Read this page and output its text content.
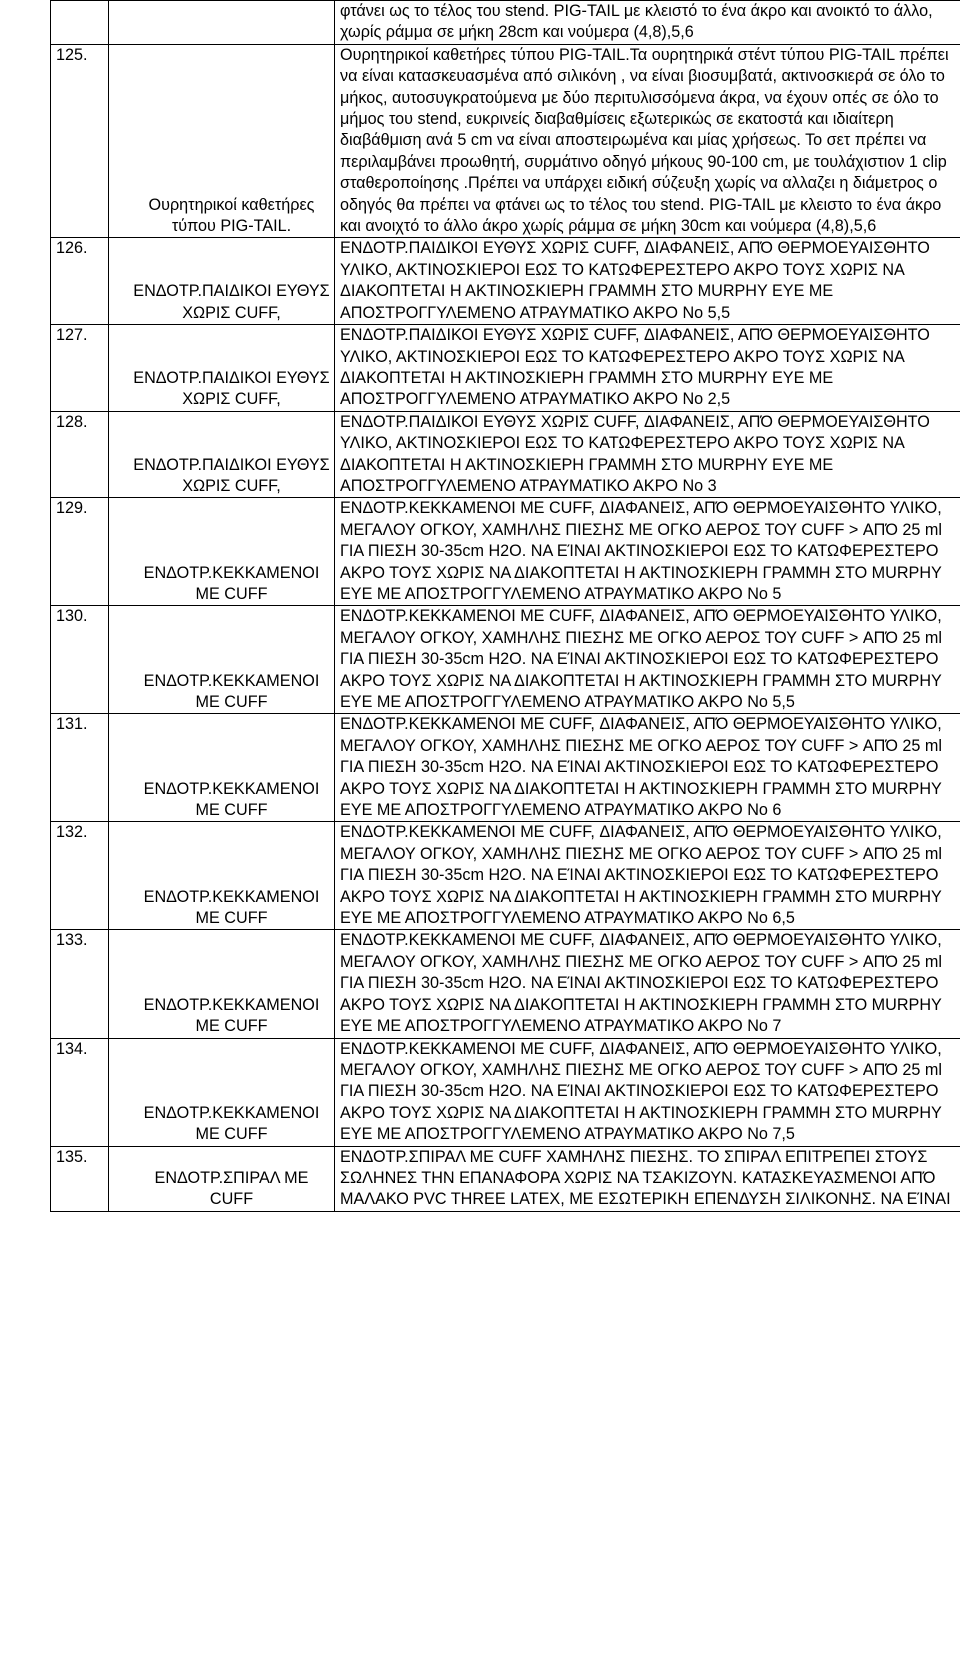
		φτάνει ως το τέλος του stend. PIG-TAIL με κλειστό το ένα άκρο και ανοικτό το άλλο, χωρίς ράμμα σε μήκη 28cm και νούμερα (4,8),5,6

125.	Ουρητηρικοί καθετήρες τύπου PIG-TAIL.	Ουρητηρικοί καθετήρες τύπου PIG-TAIL.Τα ουρητηρικά στέντ τύπου PIG-TAIL πρέπει να είναι κατασκευασμένα από σιλικόνη , να είναι βιοσυμβατά, ακτινοσκιερά σε όλο το μήκος, αυτοσυγκρατούμενα με δύο περιτυλισσόμενα άκρα, να έχουν οπές σε όλο το μήμος του stend, ευκρινείς διαβαθμίσεις εξωτερικώς σε εκατοστά και ιδιαίτερη διαβάθμιση ανά 5 cm να είναι αποστειρωμένα και μίας χρήσεως. Το σετ πρέπει να περιλαμβάνει προωθητή, συρμάτινο οδηγό μήκους 90-100 cm, με τουλάχιστιον 1 clip σταθεροποίησης .Πρέπει να υπάρχει ειδική σύζευξη χωρίς να αλλαζει η διάμετρος ο οδηγός θα πρέπει να φτάνει ως το τέλος του stend. PIG-TAIL με κλειστο το ένα άκρο και ανοιχτό το άλλο άκρο χωρίς ράμμα σε μήκη 30cm και νούμερα (4,8),5,6

126.	ΕΝΔΟΤΡ.ΠΑΙΔΙΚΟΙ ΕΥΘΥΣ ΧΩΡΙΣ CUFF,	ΕΝΔΟΤΡ.ΠΑΙΔΙΚΟΙ ΕΥΘΥΣ ΧΩΡΙΣ CUFF, ΔΙΑΦΑΝΕΙΣ, ΑΠΌ ΘΕΡΜΟΕΥΑΙΣΘΗΤΟ ΥΛΙΚΟ, ΑΚΤΙΝΟΣΚΙΕΡΟΙ ΕΩΣ ΤΟ ΚΑΤΩΦΕΡΕΣΤΕΡΟ ΑΚΡΟ ΤΟΥΣ ΧΩΡΙΣ ΝΑ ΔΙΑΚΟΠΤΕΤΑΙ Η ΑΚΤΙΝΟΣΚΙΕΡΗ ΓΡΑΜΜΗ ΣΤΟ MURPHY ΕΥΕ ΜΕ ΑΠΟΣΤΡΟΓΓΥΛΕΜΕΝΟ ΑΤΡΑΥΜΑΤΙΚΟ ΑΚΡΟ Νο 5,5

127.	ΕΝΔΟΤΡ.ΠΑΙΔΙΚΟΙ ΕΥΘΥΣ ΧΩΡΙΣ CUFF,	ΕΝΔΟΤΡ.ΠΑΙΔΙΚΟΙ ΕΥΘΥΣ ΧΩΡΙΣ CUFF, ΔΙΑΦΑΝΕΙΣ, ΑΠΌ ΘΕΡΜΟΕΥΑΙΣΘΗΤΟ ΥΛΙΚΟ, ΑΚΤΙΝΟΣΚΙΕΡΟΙ ΕΩΣ ΤΟ ΚΑΤΩΦΕΡΕΣΤΕΡΟ ΑΚΡΟ ΤΟΥΣ ΧΩΡΙΣ ΝΑ ΔΙΑΚΟΠΤΕΤΑΙ Η ΑΚΤΙΝΟΣΚΙΕΡΗ ΓΡΑΜΜΗ ΣΤΟ MURPHY ΕΥΕ ΜΕ ΑΠΟΣΤΡΟΓΓΥΛΕΜΕΝΟ ΑΤΡΑΥΜΑΤΙΚΟ ΑΚΡΟ Νο 2,5

128.	ΕΝΔΟΤΡ.ΠΑΙΔΙΚΟΙ ΕΥΘΥΣ ΧΩΡΙΣ CUFF,	ΕΝΔΟΤΡ.ΠΑΙΔΙΚΟΙ ΕΥΘΥΣ ΧΩΡΙΣ CUFF, ΔΙΑΦΑΝΕΙΣ, ΑΠΌ ΘΕΡΜΟΕΥΑΙΣΘΗΤΟ ΥΛΙΚΟ, ΑΚΤΙΝΟΣΚΙΕΡΟΙ ΕΩΣ ΤΟ ΚΑΤΩΦΕΡΕΣΤΕΡΟ ΑΚΡΟ ΤΟΥΣ ΧΩΡΙΣ ΝΑ ΔΙΑΚΟΠΤΕΤΑΙ Η ΑΚΤΙΝΟΣΚΙΕΡΗ ΓΡΑΜΜΗ ΣΤΟ MURPHY ΕΥΕ ΜΕ ΑΠΟΣΤΡΟΓΓΥΛΕΜΕΝΟ ΑΤΡΑΥΜΑΤΙΚΟ ΑΚΡΟ Νο 3

129.	ΕΝΔΟΤΡ.ΚΕΚΚΑΜΕΝΟΙ ΜΕ CUFF	ΕΝΔΟΤΡ.ΚΕΚΚΑΜΕΝΟΙ ΜΕ CUFF, ΔΙΑΦΑΝΕΙΣ, ΑΠΌ ΘΕΡΜΟΕΥΑΙΣΘΗΤΟ ΥΛΙΚΟ, ΜΕΓΑΛΟΥ ΟΓΚΟΥ, ΧΑΜΗΛΗΣ ΠΙΕΣΗΣ ΜΕ ΟΓΚΟ ΑΕΡΟΣ ΤΟΥ CUFF > ΑΠΌ 25 ml ΓΙΑ ΠΙΕΣΗ 30-35cm H2O. ΝΑ ΕΊΝΑΙ ΑΚΤΙΝΟΣΚΙΕΡΟΙ ΕΩΣ ΤΟ ΚΑΤΩΦΕΡΕΣΤΕΡΟ ΑΚΡΟ ΤΟΥΣ ΧΩΡΙΣ ΝΑ ΔΙΑΚΟΠΤΕΤΑΙ Η ΑΚΤΙΝΟΣΚΙΕΡΗ ΓΡΑΜΜΗ ΣΤΟ MURPHY ΕΥΕ ΜΕ ΑΠΟΣΤΡΟΓΓΥΛΕΜΕΝΟ ΑΤΡΑΥΜΑΤΙΚΟ ΑΚΡΟ Νο 5

130.	ΕΝΔΟΤΡ.ΚΕΚΚΑΜΕΝΟΙ ΜΕ CUFF	ΕΝΔΟΤΡ.ΚΕΚΚΑΜΕΝΟΙ ΜΕ CUFF, ΔΙΑΦΑΝΕΙΣ, ΑΠΌ ΘΕΡΜΟΕΥΑΙΣΘΗΤΟ ΥΛΙΚΟ, ΜΕΓΑΛΟΥ ΟΓΚΟΥ, ΧΑΜΗΛΗΣ ΠΙΕΣΗΣ ΜΕ ΟΓΚΟ ΑΕΡΟΣ ΤΟΥ CUFF > ΑΠΌ 25 ml ΓΙΑ ΠΙΕΣΗ 30-35cm H2O. ΝΑ ΕΊΝΑΙ ΑΚΤΙΝΟΣΚΙΕΡΟΙ ΕΩΣ ΤΟ ΚΑΤΩΦΕΡΕΣΤΕΡΟ ΑΚΡΟ ΤΟΥΣ ΧΩΡΙΣ ΝΑ ΔΙΑΚΟΠΤΕΤΑΙ Η ΑΚΤΙΝΟΣΚΙΕΡΗ ΓΡΑΜΜΗ ΣΤΟ MURPHY ΕΥΕ ΜΕ ΑΠΟΣΤΡΟΓΓΥΛΕΜΕΝΟ ΑΤΡΑΥΜΑΤΙΚΟ ΑΚΡΟ Νο 5,5

131.	ΕΝΔΟΤΡ.ΚΕΚΚΑΜΕΝΟΙ ΜΕ CUFF	ΕΝΔΟΤΡ.ΚΕΚΚΑΜΕΝΟΙ ΜΕ CUFF, ΔΙΑΦΑΝΕΙΣ, ΑΠΌ ΘΕΡΜΟΕΥΑΙΣΘΗΤΟ ΥΛΙΚΟ, ΜΕΓΑΛΟΥ ΟΓΚΟΥ, ΧΑΜΗΛΗΣ ΠΙΕΣΗΣ ΜΕ ΟΓΚΟ ΑΕΡΟΣ ΤΟΥ CUFF > ΑΠΌ 25 ml ΓΙΑ ΠΙΕΣΗ 30-35cm H2O. ΝΑ ΕΊΝΑΙ ΑΚΤΙΝΟΣΚΙΕΡΟΙ ΕΩΣ ΤΟ ΚΑΤΩΦΕΡΕΣΤΕΡΟ ΑΚΡΟ ΤΟΥΣ ΧΩΡΙΣ ΝΑ ΔΙΑΚΟΠΤΕΤΑΙ Η ΑΚΤΙΝΟΣΚΙΕΡΗ ΓΡΑΜΜΗ ΣΤΟ MURPHY ΕΥΕ ΜΕ ΑΠΟΣΤΡΟΓΓΥΛΕΜΕΝΟ ΑΤΡΑΥΜΑΤΙΚΟ ΑΚΡΟ Νο 6

132.	ΕΝΔΟΤΡ.ΚΕΚΚΑΜΕΝΟΙ ΜΕ CUFF	ΕΝΔΟΤΡ.ΚΕΚΚΑΜΕΝΟΙ ΜΕ CUFF, ΔΙΑΦΑΝΕΙΣ, ΑΠΌ ΘΕΡΜΟΕΥΑΙΣΘΗΤΟ ΥΛΙΚΟ, ΜΕΓΑΛΟΥ ΟΓΚΟΥ, ΧΑΜΗΛΗΣ ΠΙΕΣΗΣ ΜΕ ΟΓΚΟ ΑΕΡΟΣ ΤΟΥ CUFF > ΑΠΌ 25 ml ΓΙΑ ΠΙΕΣΗ 30-35cm H2O. ΝΑ ΕΊΝΑΙ ΑΚΤΙΝΟΣΚΙΕΡΟΙ ΕΩΣ ΤΟ ΚΑΤΩΦΕΡΕΣΤΕΡΟ ΑΚΡΟ ΤΟΥΣ ΧΩΡΙΣ ΝΑ ΔΙΑΚΟΠΤΕΤΑΙ Η ΑΚΤΙΝΟΣΚΙΕΡΗ ΓΡΑΜΜΗ ΣΤΟ MURPHY ΕΥΕ ΜΕ ΑΠΟΣΤΡΟΓΓΥΛΕΜΕΝΟ ΑΤΡΑΥΜΑΤΙΚΟ ΑΚΡΟ Νο 6,5

133.	ΕΝΔΟΤΡ.ΚΕΚΚΑΜΕΝΟΙ ΜΕ CUFF	ΕΝΔΟΤΡ.ΚΕΚΚΑΜΕΝΟΙ ΜΕ CUFF, ΔΙΑΦΑΝΕΙΣ, ΑΠΌ ΘΕΡΜΟΕΥΑΙΣΘΗΤΟ ΥΛΙΚΟ, ΜΕΓΑΛΟΥ ΟΓΚΟΥ, ΧΑΜΗΛΗΣ ΠΙΕΣΗΣ ΜΕ ΟΓΚΟ ΑΕΡΟΣ ΤΟΥ CUFF > ΑΠΌ 25 ml ΓΙΑ ΠΙΕΣΗ 30-35cm H2O. ΝΑ ΕΊΝΑΙ ΑΚΤΙΝΟΣΚΙΕΡΟΙ ΕΩΣ ΤΟ ΚΑΤΩΦΕΡΕΣΤΕΡΟ ΑΚΡΟ ΤΟΥΣ ΧΩΡΙΣ ΝΑ ΔΙΑΚΟΠΤΕΤΑΙ Η ΑΚΤΙΝΟΣΚΙΕΡΗ ΓΡΑΜΜΗ ΣΤΟ MURPHY ΕΥΕ ΜΕ ΑΠΟΣΤΡΟΓΓΥΛΕΜΕΝΟ ΑΤΡΑΥΜΑΤΙΚΟ ΑΚΡΟ Νο 7

134.	ΕΝΔΟΤΡ.ΚΕΚΚΑΜΕΝΟΙ ΜΕ CUFF	ΕΝΔΟΤΡ.ΚΕΚΚΑΜΕΝΟΙ ΜΕ CUFF, ΔΙΑΦΑΝΕΙΣ, ΑΠΌ ΘΕΡΜΟΕΥΑΙΣΘΗΤΟ ΥΛΙΚΟ, ΜΕΓΑΛΟΥ ΟΓΚΟΥ, ΧΑΜΗΛΗΣ ΠΙΕΣΗΣ ΜΕ ΟΓΚΟ ΑΕΡΟΣ ΤΟΥ CUFF > ΑΠΌ 25 ml ΓΙΑ ΠΙΕΣΗ 30-35cm H2O. ΝΑ ΕΊΝΑΙ ΑΚΤΙΝΟΣΚΙΕΡΟΙ ΕΩΣ ΤΟ ΚΑΤΩΦΕΡΕΣΤΕΡΟ ΑΚΡΟ ΤΟΥΣ ΧΩΡΙΣ ΝΑ ΔΙΑΚΟΠΤΕΤΑΙ Η ΑΚΤΙΝΟΣΚΙΕΡΗ ΓΡΑΜΜΗ ΣΤΟ MURPHY ΕΥΕ ΜΕ ΑΠΟΣΤΡΟΓΓΥΛΕΜΕΝΟ ΑΤΡΑΥΜΑΤΙΚΟ ΑΚΡΟ Νο 7,5

135.	ΕΝΔΟΤΡ.ΣΠΙΡΑΛ ΜΕ CUFF	ΕΝΔΟΤΡ.ΣΠΙΡΑΛ ΜΕ CUFF ΧΑΜΗΛΗΣ ΠΙΕΣΗΣ. ΤΟ ΣΠΙΡΑΛ ΕΠΙΤΡΕΠΕΙ ΣΤΟΥΣ ΣΩΛΗΝΕΣ ΤΗΝ ΕΠΑΝΑΦΟΡΑ ΧΩΡΙΣ ΝΑ ΤΣΑΚΙΖΟΥΝ. ΚΑΤΑΣΚΕΥΑΣΜΕΝΟΙ ΑΠΌ ΜΑΛΑΚΟ PVC THREE LATEX, ΜΕ ΕΣΩΤΕΡΙΚΗ ΕΠΕΝΔΥΣΗ ΣΙΛΙΚΟΝΗΣ. ΝΑ ΕΊΝΑΙ
